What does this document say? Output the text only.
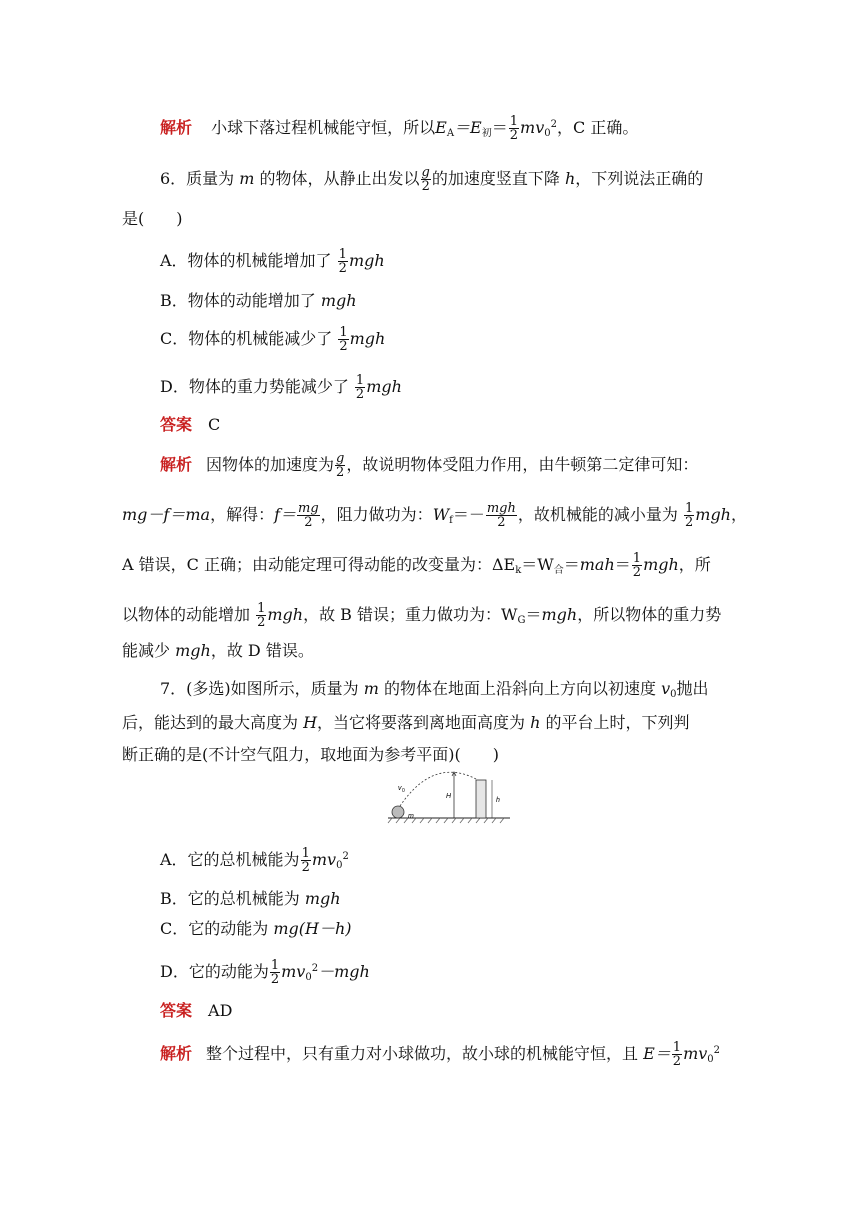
解析 小球下落过程机械能守恒，所以$E_A=E_初= \frac{1}{2} mv_0^2$，C 正确。
6．质量为 m 的物体，从静止出发以 $\frac{g}{2}$ 的加速度竖直下降 h，下列说法正确的
是(　　)
A．物体的机械能增加了 $\frac{1}{2}$ mgh
B．物体的动能增加了 mgh
C．物体的机械能减少了 $\frac{1}{2}$ mgh
D．物体的重力势能减少了 $\frac{1}{2}$ mgh
答案 C
解析 因物体的加速度为 $\frac{g}{2}$ ，故说明物体受阻力作用，由牛顿第二定律可知：
mg－f＝ma，解得：$f= \frac{mg}{2}$ ，阻力做功为：$W_f=- \frac{\text{mgh}}{2}$ ，故机械能的减小量为 $\frac{1}{2}$ mgh，
A 错误，C 正确；由动能定理可得动能的改变量为：$\Delta E_k=W_合=mah= \frac{1}{2}$ mgh，所
以物体的动能增加 $\frac{1}{2}$ mgh，故 B 错误；重力做功为：$W_G=mgh$，所以物体的重力势
能减少 mgh，故 D 错误。
7．(多选)如图所示，质量为 m 的物体在地面上沿斜向上方向以初速度 $v_0$抛出
后，能达到的最大高度为 H，当它将要落到离地面高度为 h 的平台上时，下列判
断正确的是(不计空气阻力，取地面为参考平面)(　　)
v 0
m
H
h
A．它的总机械能为 $\frac{1}{2} mv_0^2$
B．它的总机械能为 mgh
C．它的动能为 mg(H－h)
D．它的动能为 $\frac{1}{2} mv_0^2-mgh$
答案 AD
解析 整个过程中，只有重力对小球做功，故小球的机械能守恒，且 $E= \frac{1}{2} mv_0^2$
